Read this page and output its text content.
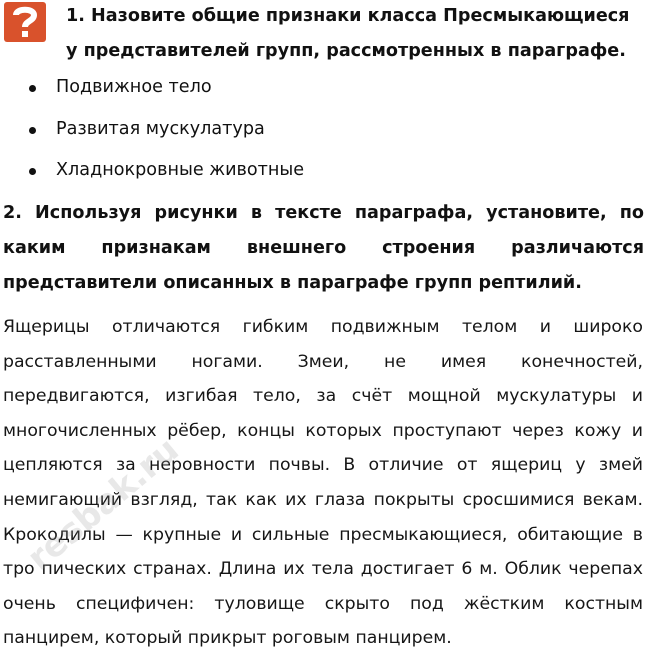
1. Назовите общие признаки класса Пресмыкающиеся у представителей групп, рассмотренных в параграфе.
Подвижное тело
Развитая мускулатура
Хладнокровные животные
2. Используя рисунки в тексте параграфа, установите, по каким признакам внешнего строения различаются представители описанных в параграфе групп рептилий.

Ящерицы отличаются гибким подвижным телом и широко расставленными ногами. Змеи, не имея конечностей, передвигаются, изгибая тело, за счёт мощной мускулатуры и многочисленных рёбер, концы которых проступают через кожу и цепляются за неровности почвы. В отличие от ящериц у змей немигающий взгляд, так как их глаза покрыты сросшимися векам. Крокодилы — крупные и сильные пресмыкающиеся, обитающие в тро пических странах. Длина их тела достигает 6 м. Облик черепах очень специфичен: туловище скрыто под жёстким костным панцирем, который прикрыт роговым панцирем.

resbak.ru
